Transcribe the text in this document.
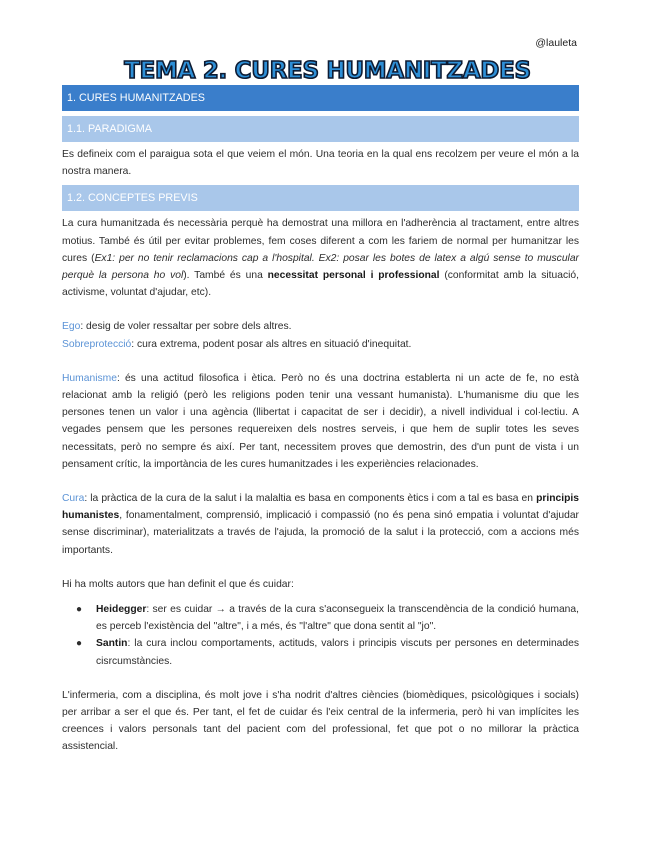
@lauleta
TEMA 2. CURES HUMANITZADES
1. CURES HUMANITZADES
1.1. PARADIGMA

Es defineix com el paraigua sota el que veiem el món. Una teoria en la qual ens recolzem per veure el món a la nostra manera.

1.2. CONCEPTES PREVIS

La cura humanitzada és necessària perquè ha demostrat una millora en l'adherència al tractament, entre altres motius. També és útil per evitar problemes, fem coses diferent a com les fariem de normal per humanitzar les cures (Ex1: per no tenir reclamacions cap a l'hospital. Ex2: posar les botes de latex a algú sense to muscular perquè la persona ho vol). També és una necessitat personal i professional (conformitat amb la situació, activisme, voluntat d'ajudar, etc).

Ego: desig de voler ressaltar per sobre dels altres.

Sobreprotecció: cura extrema, podent posar als altres en situació d'inequitat.

Humanisme: és una actitud filosofica i ètica. Però no és una doctrina establerta ni un acte de fe, no està relacionat amb la religió (però les religions poden tenir una vessant humanista). L'humanisme diu que les persones tenen un valor i una agència (llibertat i capacitat de ser i decidir), a nivell individual i col·lectiu. A vegades pensem que les persones requereixen dels nostres serveis, i que hem de suplir totes les seves necessitats, però no sempre és així. Per tant, necessitem proves que demostrin, des d'un punt de vista i un pensament crític, la importància de les cures humanitzades i les experiències relacionades.

Cura: la pràctica de la cura de la salut i la malaltia es basa en components ètics i com a tal es basa en principis humanistes, fonamentalment, comprensió, implicació i compassió (no és pena sinó empatia i voluntat d'ajudar sense discriminar), materialitzats a través de l'ajuda, la promoció de la salut i la protecció, com a accions més importants.

Hi ha molts autors que han definit el que és cuidar:

● Heidegger: ser es cuidar → a través de la cura s'aconsegueix la transcendència de la condició humana, es perceb l'existència del "altre", i a més, és "l'altre" que dona sentit al "jo".

● Santin: la cura inclou comportaments, actituds, valors i principis viscuts per persones en determinades cisrcumstàncies.

L'infermeria, com a disciplina, és molt jove i s'ha nodrit d'altres ciències (biomèdiques, psicològiques i socials) per arribar a ser el que és. Per tant, el fet de cuidar és l'eix central de la infermeria, però hi van implícites les creences i valors personals tant del pacient com del professional, fet que pot o no millorar la pràctica assistencial.
